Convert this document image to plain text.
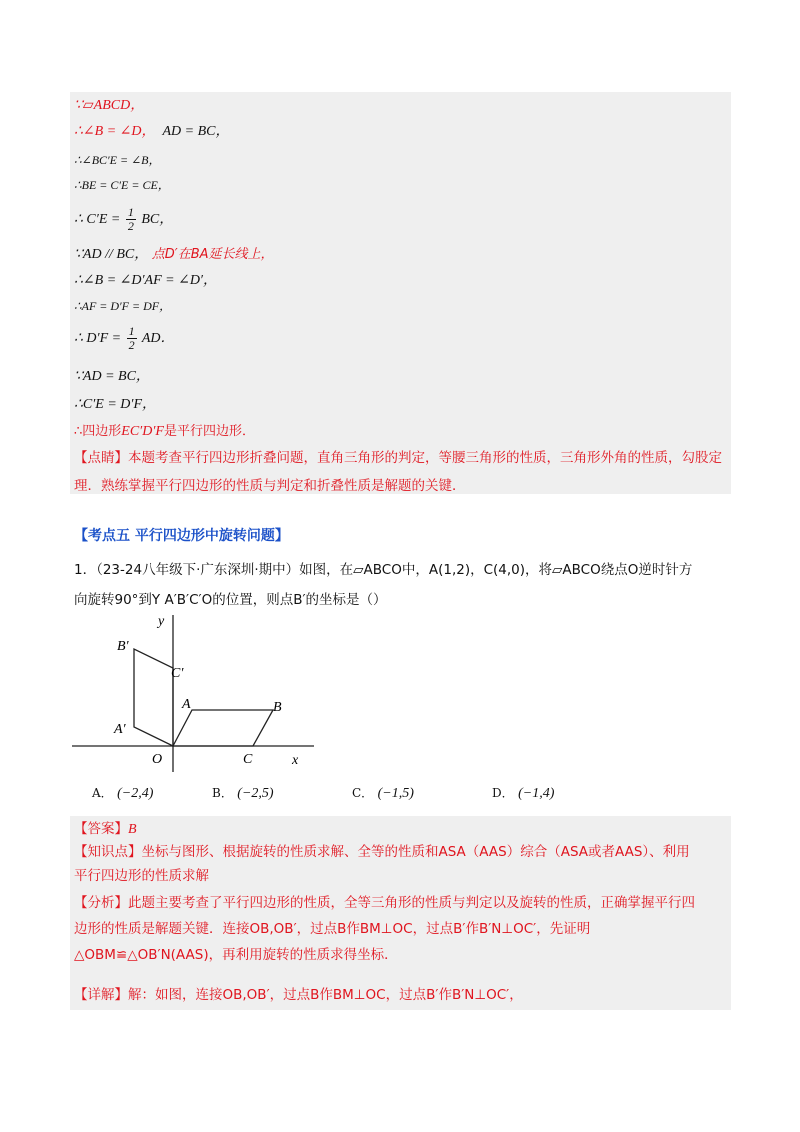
∵▱ABCD，
∴∠B = ∠D， AD = BC，
∴∠BC′E = ∠B，
∴BE = C′E = CE，
∴ $C'E = \frac{1}{2}$ BC，
∵AD // BC， 点D′在BA延长线上，
∴∠B = ∠D′AF = ∠D′，
∴AF = D′F = DF，
∴ $D'F = \frac{1}{2}$ AD．
∵AD = BC，
∴C′E = D′F，
∴四边形EC′D′F是平行四边形．
【点睛】本题考查平行四边形折叠问题，直角三角形的判定，等腰三角形的性质，三角形外角的性质，勾股定理．熟练掌握平行四边形的性质与判定和折叠性质是解题的关键．
【考点五 平行四边形中旋转问题】
1．（23-24八年级下·广东深圳·期中）如图，在▱ABCO中，A(1,2)，C(4,0)，将▱ABCO绕点O逆时针方
向旋转90°到Y A′B′C′O的位置，则点B′的坐标是（）
y
x
O
A	B
C
A′
B′
C′
A． (−2,4)	B． (−2,5)	C． (−1,5)	D． (−1,4)
【答案】B
【知识点】坐标与图形、根据旋转的性质求解、全等的性质和ASA（AAS）综合（ASA或者AAS）、利用
平行四边形的性质求解
【分析】此题主要考查了平行四边形的性质，全等三角形的性质与判定以及旋转的性质，正确掌握平行四
边形的性质是解题关键．连接OB,OB′，过点B作BM⊥OC，过点B′作B′N⊥OC′，先证明
△OBM≌△OB′N(AAS)，再利用旋转的性质求得坐标．
【详解】解：如图，连接OB,OB′，过点B作BM⊥OC，过点B′作B′N⊥OC′，
